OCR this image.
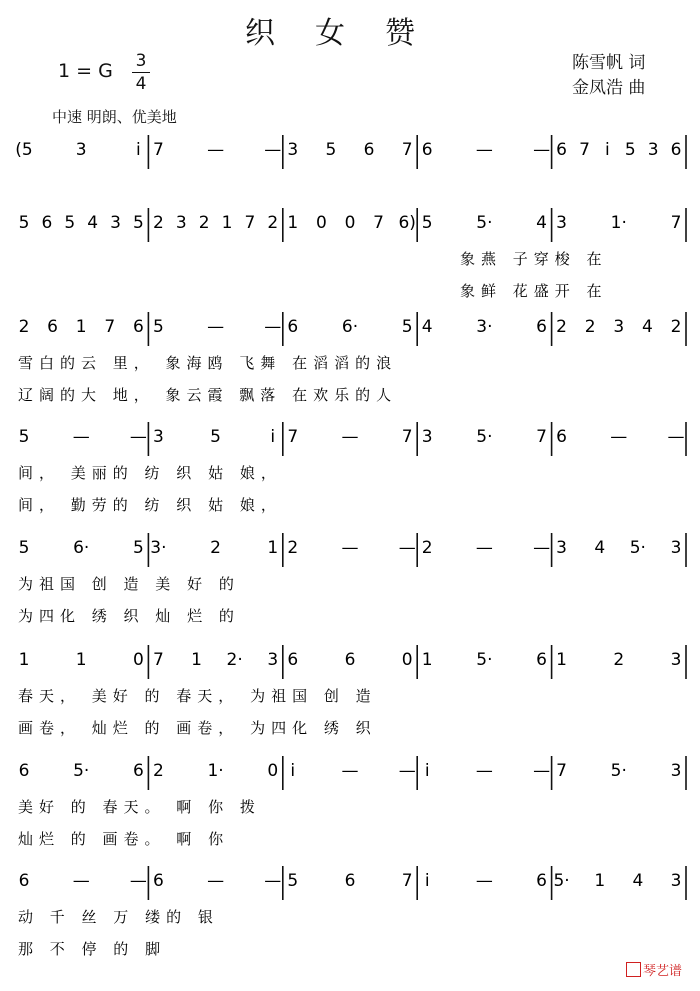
织女赞
1 = G	3
4
陈雪帆 词
金凤浩 曲
中速 明朗、优美地
(5	3	i 7	— — 3 5 6 7 6	— — 6 7 i 5 3 6
5 6 5 4 3 5 2 3 2 1 7 2 1 0 0 7 6) 5	5·	4 3	1·	7
象燕 子穿梭 在
象鲜 花盛开 在
2 6 1 7 6 5	— — 6	6·	5 4	3·	6 2 2 3 4 2
雪白的云 里， 象海鸥 飞舞 在滔滔的浪
辽阔的大 地， 象云霞 飘落 在欢乐的人
5	— — 3	5	i 7	—	7 3	5·	7 6	— —
间， 美丽的 纺 织 姑 娘，
间， 勤劳的 纺 织 姑 娘，
5	6·	5 3·	2	1 2	— — 2	— — 3 4 5· 3
为祖国 创 造 美 好 的
为四化 绣 织 灿 烂 的
1	1	0 7 1 2· 3 6	6	0 1	5·	6 1	2	3
春天， 美好 的 春天， 为祖国 创 造
画卷， 灿烂 的 画卷， 为四化 绣 织
6	5·	6 2	1·	0 i	— — i	— — 7	5·	3
美好 的 春天。 啊 你 拨
灿烂 的 画卷。 啊 你
6	— — 6	— — 5	6	7 i	—	6 5· 1 4 3
动 千 丝 万 缕的 银
那 不 停 的 脚
琴艺谱
